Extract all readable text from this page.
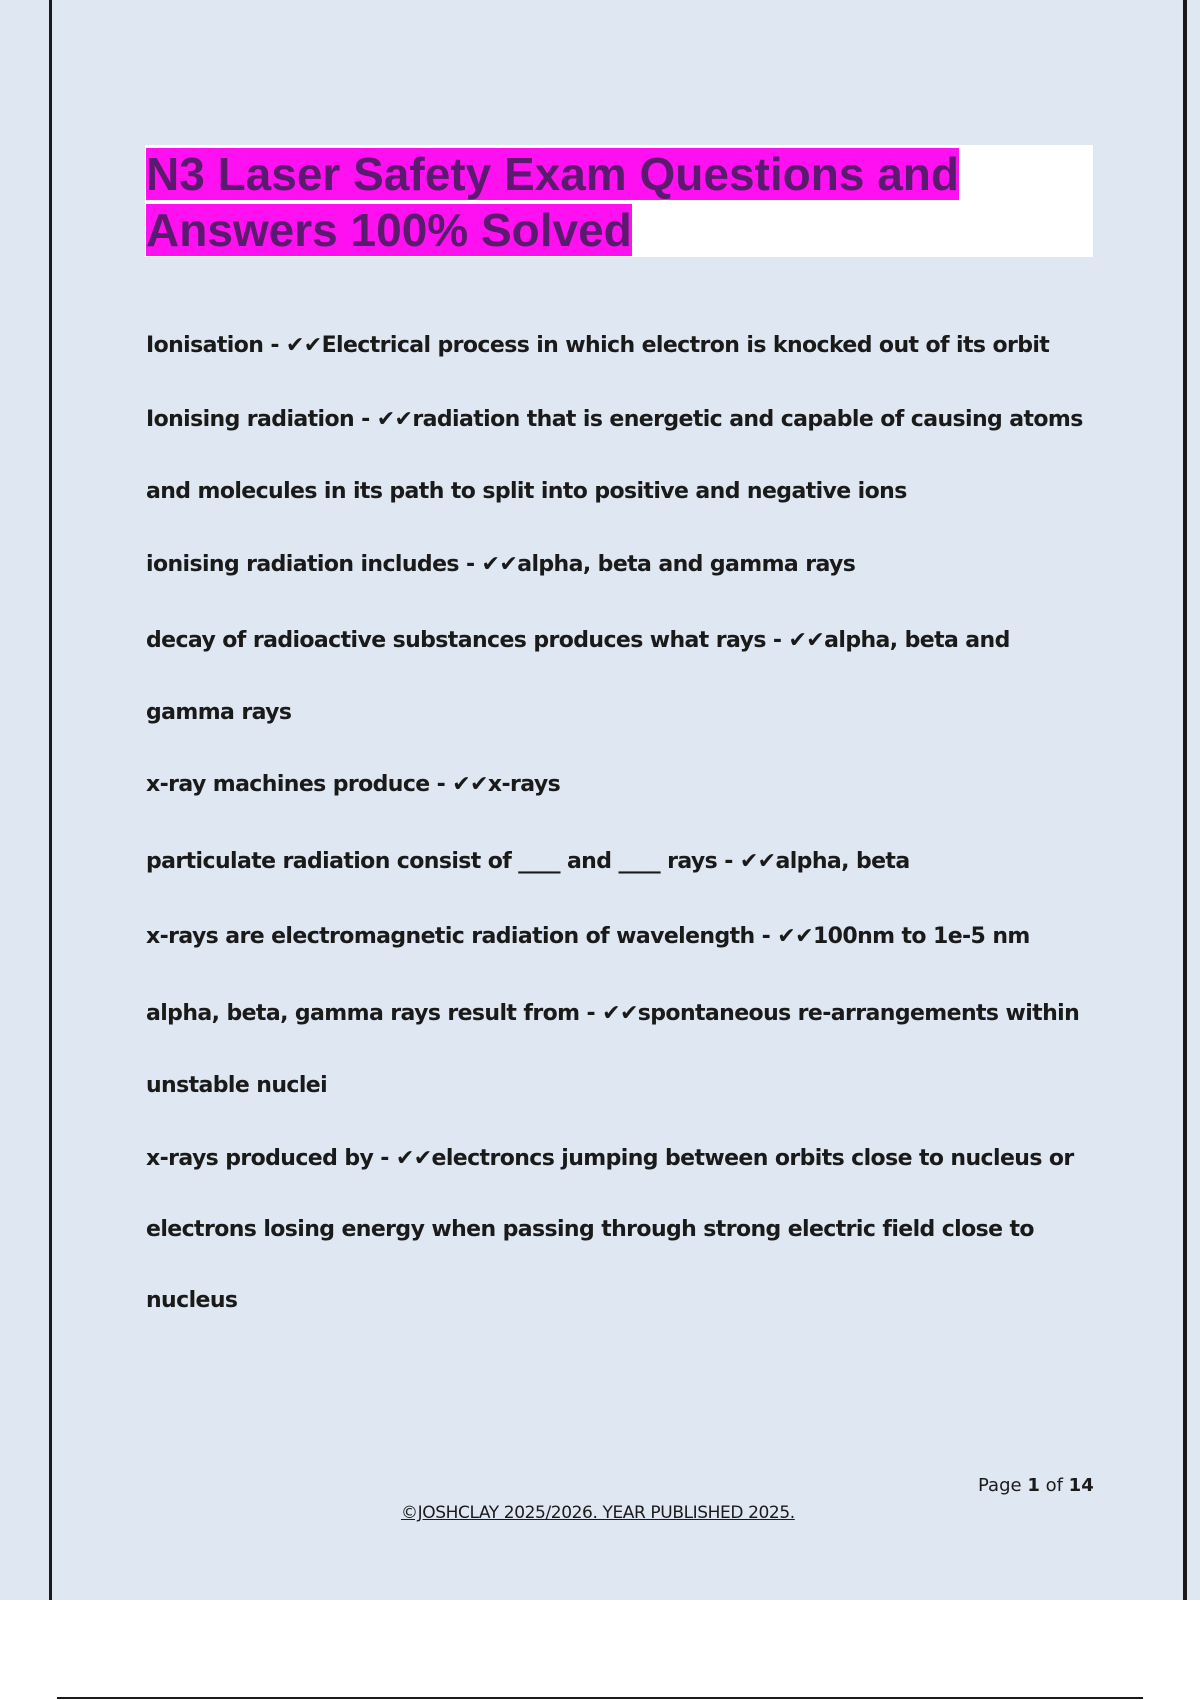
N3 Laser Safety Exam Questions and
Answers 100% Solved
Ionisation - ✔✔Electrical process in which electron is knocked out of its orbit
Ionising radiation - ✔✔radiation that is energetic and capable of causing atoms
and molecules in its path to split into positive and negative ions
ionising radiation includes - ✔✔alpha, beta and gamma rays
decay of radioactive substances produces what rays - ✔✔alpha, beta and
gamma rays
x-ray machines produce - ✔✔x-rays
particulate radiation consist of ____ and ____ rays - ✔✔alpha, beta
x-rays are electromagnetic radiation of wavelength - ✔✔100nm to 1e-5 nm
alpha, beta, gamma rays result from - ✔✔spontaneous re-arrangements within
unstable nuclei
x-rays produced by - ✔✔electroncs jumping between orbits close to nucleus or
electrons losing energy when passing through strong electric field close to
nucleus
Page 1 of 14
©JOSHCLAY 2025/2026. YEAR PUBLISHED 2025.
